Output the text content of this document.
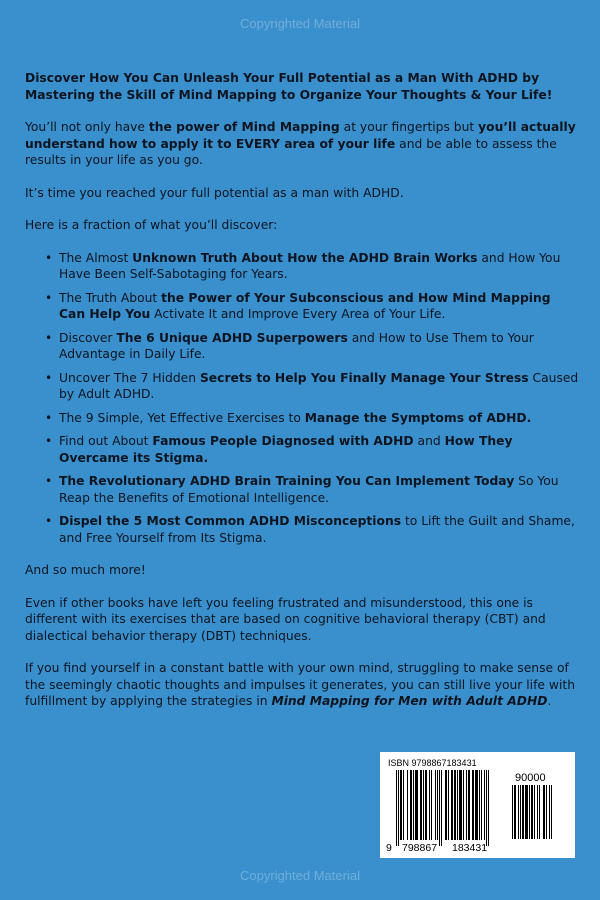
Copyrighted Material

Discover How You Can Unleash Your Full Potential as a Man With ADHD by Mastering the Skill of Mind Mapping to Organize Your Thoughts & Your Life!

You’ll not only have the power of Mind Mapping at your fingertips but you’ll actually understand how to apply it to EVERY area of your life and be able to assess the results in your life as you go.

It’s time you reached your full potential as a man with ADHD.

Here is a fraction of what you’ll discover:

• The Almost Unknown Truth About How the ADHD Brain Works and How You Have Been Self-Sabotaging for Years.
• The Truth About the Power of Your Subconscious and How Mind Mapping Can Help You Activate It and Improve Every Area of Your Life.
• Discover The 6 Unique ADHD Superpowers and How to Use Them to Your Advantage in Daily Life.
• Uncover The 7 Hidden Secrets to Help You Finally Manage Your Stress Caused by Adult ADHD.
• The 9 Simple, Yet Effective Exercises to Manage the Symptoms of ADHD.
• Find out About Famous People Diagnosed with ADHD and How They Overcame its Stigma.
• The Revolutionary ADHD Brain Training You Can Implement Today So You Reap the Benefits of Emotional Intelligence.
• Dispel the 5 Most Common ADHD Misconceptions to Lift the Guilt and Shame, and Free Yourself from Its Stigma.

And so much more!

Even if other books have left you feeling frustrated and misunderstood, this one is different with its exercises that are based on cognitive behavioral therapy (CBT) and dialectical behavior therapy (DBT) techniques.

If you find yourself in a constant battle with your own mind, struggling to make sense of the seemingly chaotic thoughts and impulses it generates, you can still live your life with fulfillment by applying the strategies in Mind Mapping for Men with Adult ADHD.

ISBN 9798867183431
90000
9 798867 183431
Copyrighted Material
